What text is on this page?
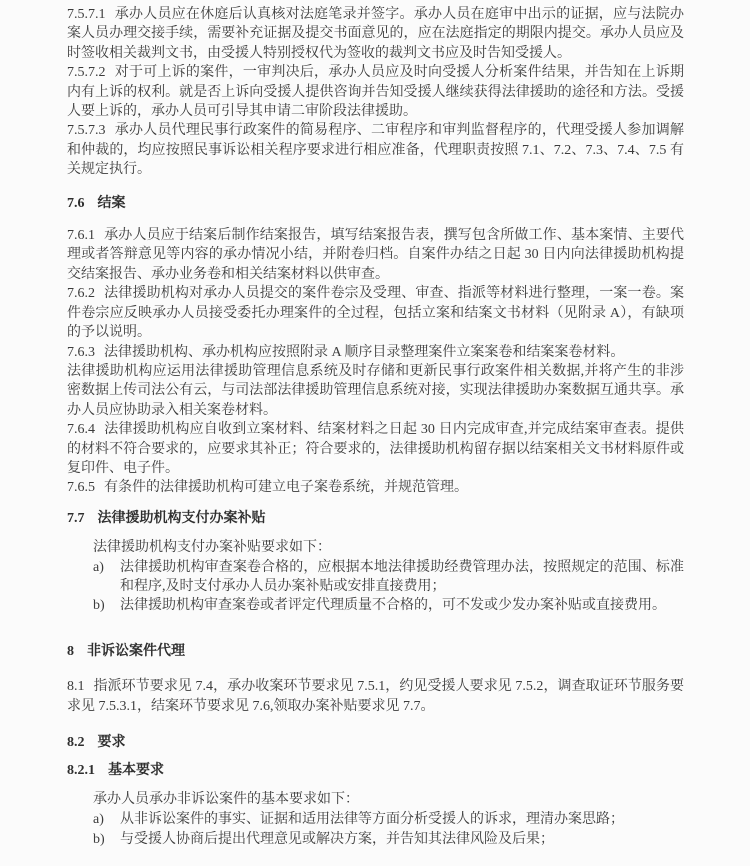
7.5.7.1 承办人员应在休庭后认真核对法庭笔录并签字。承办人员在庭审中出示的证据，应与法院办案人员办理交接手续，需要补充证据及提交书面意见的，应在法庭指定的期限内提交。承办人员应及时签收相关裁判文书，由受援人特别授权代为签收的裁判文书应及时告知受援人。

7.5.7.2 对于可上诉的案件，一审判决后，承办人员应及时向受援人分析案件结果，并告知在上诉期内有上诉的权利。就是否上诉向受援人提供咨询并告知受援人继续获得法律援助的途径和方法。受援人要上诉的，承办人员可引导其申请二审阶段法律援助。

7.5.7.3 承办人员代理民事行政案件的简易程序、二审程序和审判监督程序的，代理受援人参加调解和仲裁的，均应按照民事诉讼相关程序要求进行相应准备，代理职责按照 7.1、7.2、7.3、7.4、7.5 有关规定执行。

7.6 结案

7.6.1 承办人员应于结案后制作结案报告，填写结案报告表，撰写包含所做工作、基本案情、主要代理或者答辩意见等内容的承办情况小结，并附卷归档。自案件办结之日起 30 日内向法律援助机构提交结案报告、承办业务卷和相关结案材料以供审查。

7.6.2 法律援助机构对承办人员提交的案件卷宗及受理、审查、指派等材料进行整理，一案一卷。案件卷宗应反映承办人员接受委托办理案件的全过程，包括立案和结案文书材料（见附录 A），有缺项的予以说明。

7.6.3 法律援助机构、承办机构应按照附录 A 顺序目录整理案件立案案卷和结案案卷材料。

法律援助机构应运用法律援助管理信息系统及时存储和更新民事行政案件相关数据,并将产生的非涉密数据上传司法公有云，与司法部法律援助管理信息系统对接，实现法律援助办案数据互通共享。承办人员应协助录入相关案卷材料。

7.6.4 法律援助机构应自收到立案材料、结案材料之日起 30 日内完成审查,并完成结案审查表。提供的材料不符合要求的，应要求其补正；符合要求的，法律援助机构留存据以结案相关文书材料原件或复印件、电子件。

7.6.5 有条件的法律援助机构可建立电子案卷系统，并规范管理。

7.7 法律援助机构支付办案补贴

法律援助机构支付办案补贴要求如下：

a)	法律援助机构审查案卷合格的，应根据本地法律援助经费管理办法，按照规定的范围、标准和程序,及时支付承办人员办案补贴或安排直接费用；
b)	法律援助机构审查案卷或者评定代理质量不合格的，可不发或少发办案补贴或直接费用。

8 非诉讼案件代理

8.1 指派环节要求见 7.4，承办收案环节要求见 7.5.1，约见受援人要求见 7.5.2，调查取证环节服务要求见 7.5.3.1，结案环节要求见 7.6,领取办案补贴要求见 7.7。

8.2 要求

8.2.1 基本要求

承办人员承办非诉讼案件的基本要求如下：

a)	从非诉讼案件的事实、证据和适用法律等方面分析受援人的诉求，理清办案思路；
b)	与受援人协商后提出代理意见或解决方案，并告知其法律风险及后果；
